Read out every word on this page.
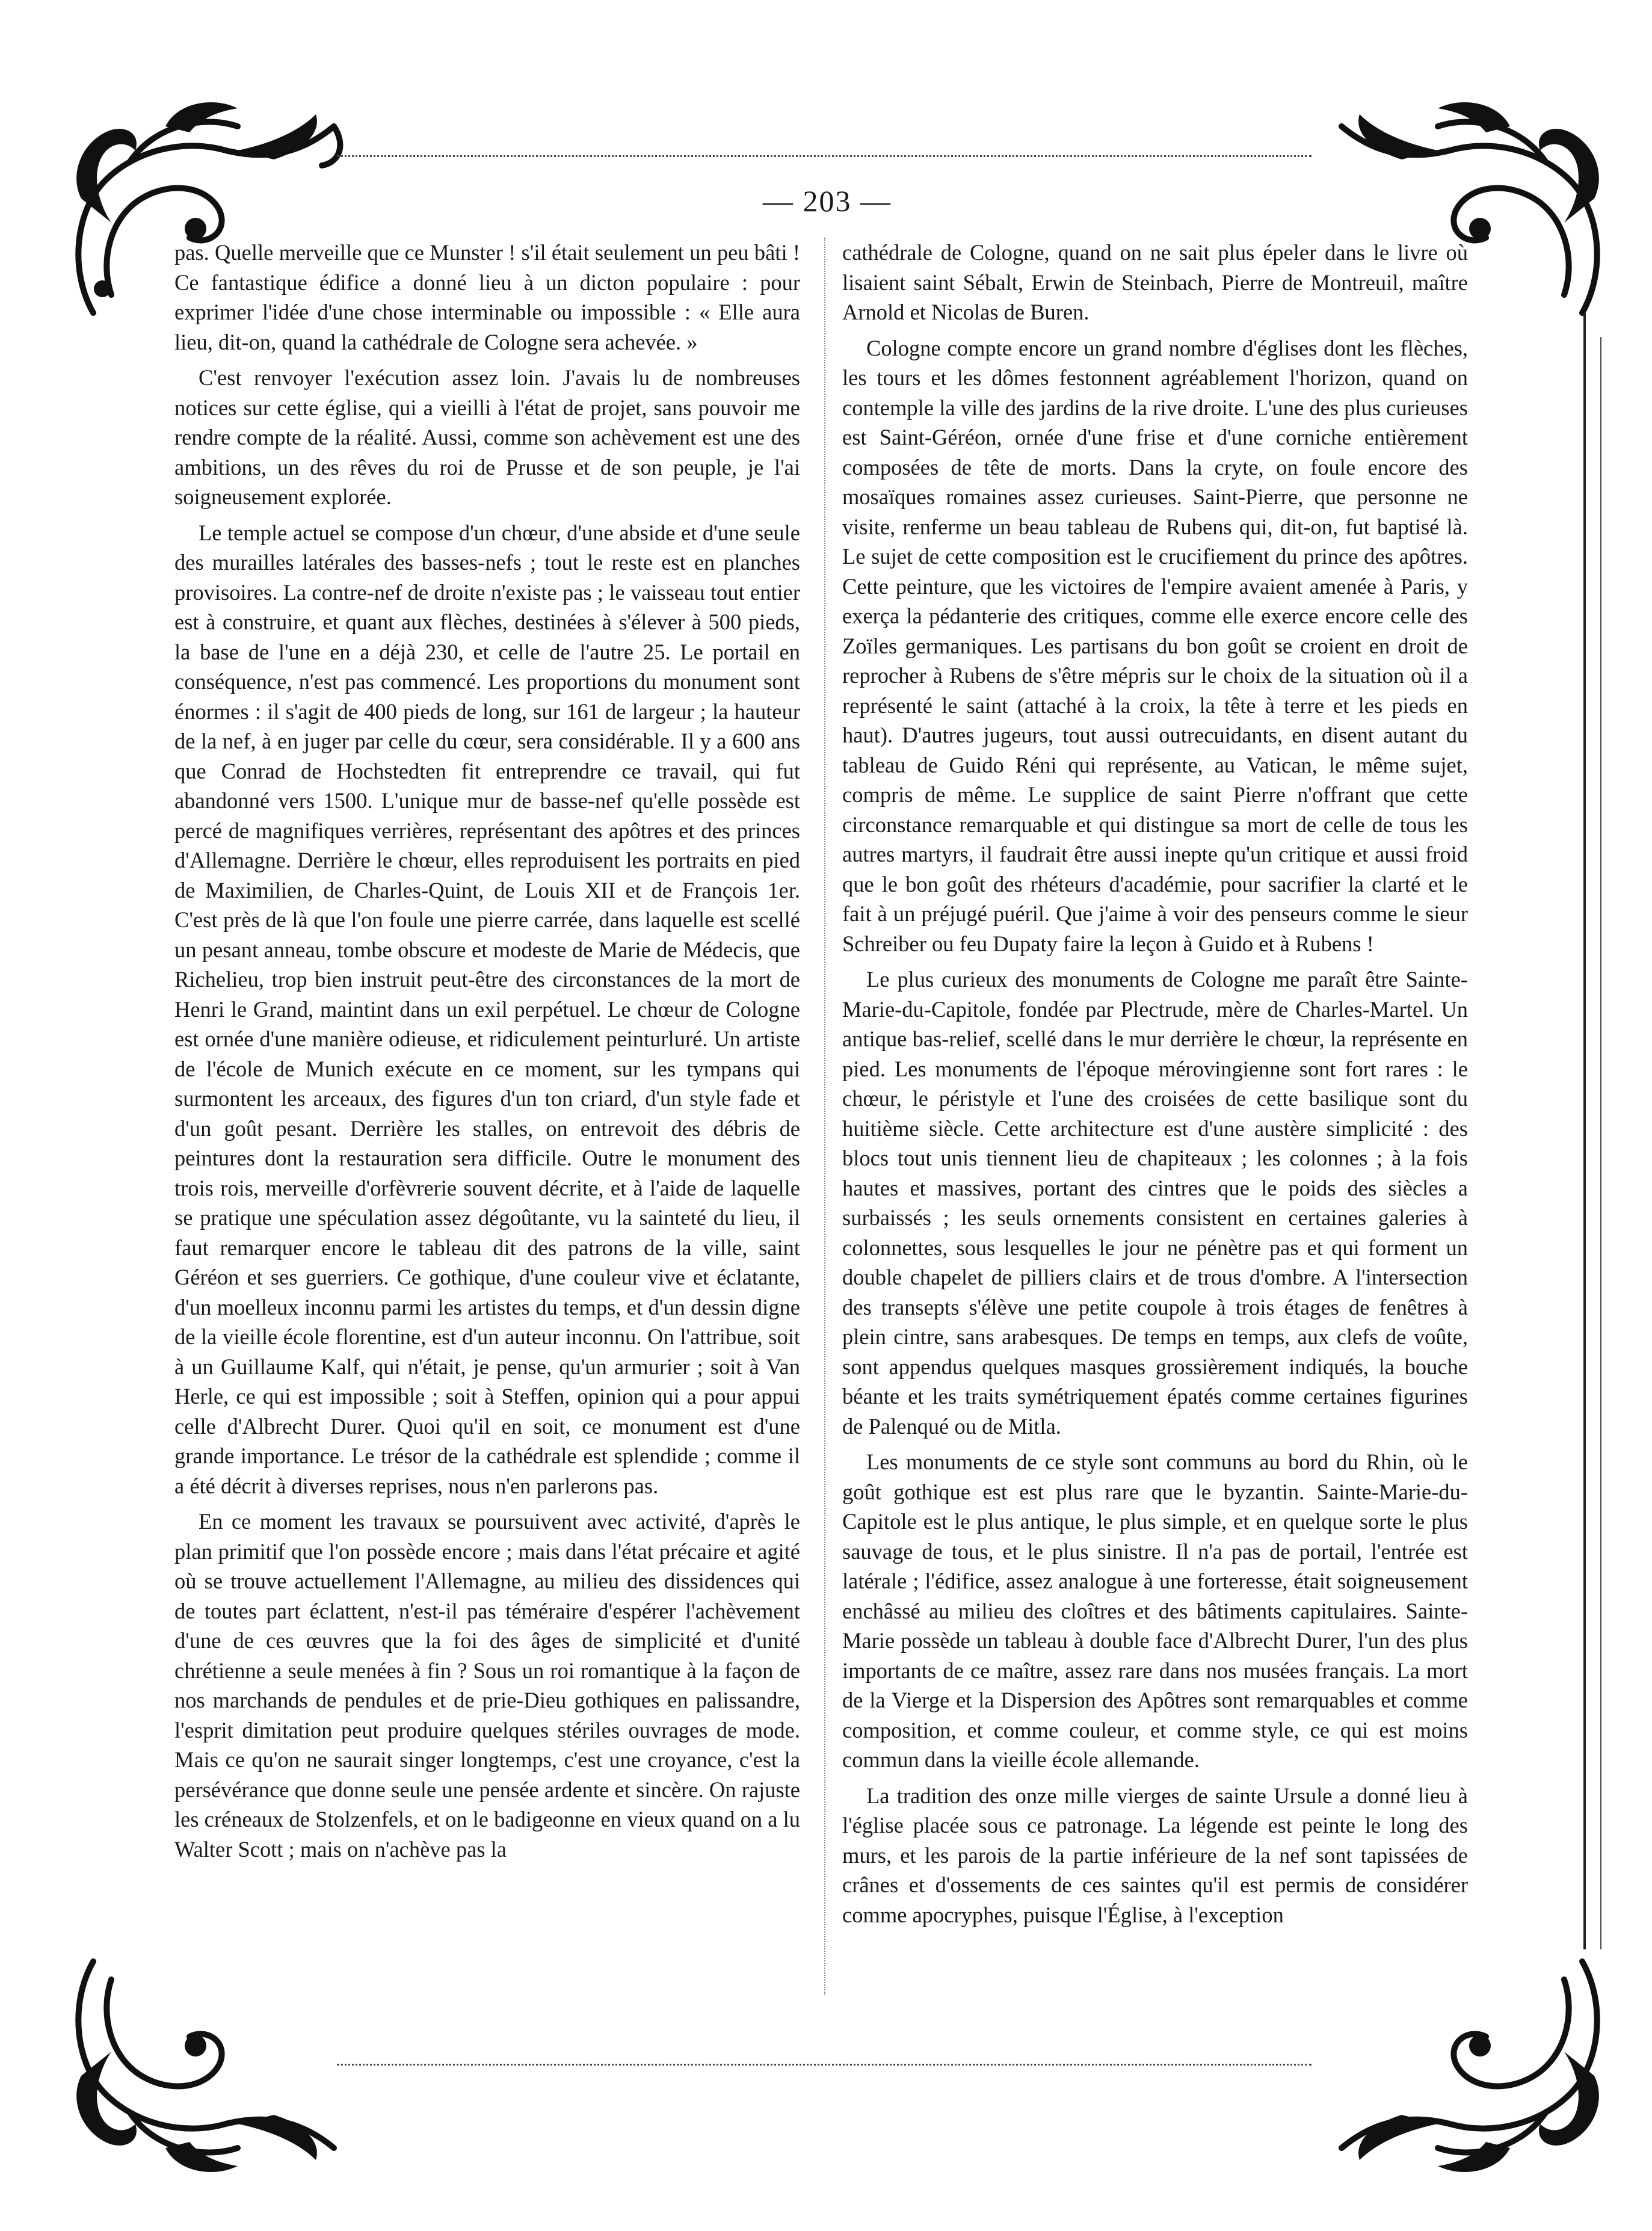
— 203 —

pas. Quelle merveille que ce Munster ! s'il était seulement un peu bâti ! Ce fantastique édifice a donné lieu à un dicton populaire : pour exprimer l'idée d'une chose interminable ou impossible : « Elle aura lieu, dit-on, quand la cathédrale de Cologne sera achevée. »

C'est renvoyer l'exécution assez loin. J'avais lu de nombreuses notices sur cette église, qui a vieilli à l'état de projet, sans pouvoir me rendre compte de la réalité. Aussi, comme son achèvement est une des ambitions, un des rêves du roi de Prusse et de son peuple, je l'ai soigneusement explorée.

Le temple actuel se compose d'un chœur, d'une abside et d'une seule des murailles latérales des basses-nefs ; tout le reste est en planches provisoires. La contre-nef de droite n'existe pas ; le vaisseau tout entier est à construire, et quant aux flèches, destinées à s'élever à 500 pieds, la base de l'une en a déjà 230, et celle de l'autre 25. Le portail en conséquence, n'est pas commencé. Les proportions du monument sont énormes : il s'agit de 400 pieds de long, sur 161 de largeur ; la hauteur de la nef, à en juger par celle du cœur, sera considérable. Il y a 600 ans que Conrad de Hochstedten fit entreprendre ce travail, qui fut abandonné vers 1500. L'unique mur de basse-nef qu'elle possède est percé de magnifiques verrières, représentant des apôtres et des princes d'Allemagne. Derrière le chœur, elles reproduisent les portraits en pied de Maximilien, de Charles-Quint, de Louis XII et de François 1er. C'est près de là que l'on foule une pierre carrée, dans laquelle est scellé un pesant anneau, tombe obscure et modeste de Marie de Médecis, que Richelieu, trop bien instruit peut-être des circonstances de la mort de Henri le Grand, maintint dans un exil perpétuel. Le chœur de Cologne est ornée d'une manière odieuse, et ridiculement peinturluré. Un artiste de l'école de Munich exécute en ce moment, sur les tympans qui surmontent les arceaux, des figures d'un ton criard, d'un style fade et d'un goût pesant. Derrière les stalles, on entrevoit des débris de peintures dont la restauration sera difficile. Outre le monument des trois rois, merveille d'orfèvrerie souvent décrite, et à l'aide de laquelle se pratique une spéculation assez dégoûtante, vu la sainteté du lieu, il faut remarquer encore le tableau dit des patrons de la ville, saint Géréon et ses guerriers. Ce gothique, d'une couleur vive et éclatante, d'un moelleux inconnu parmi les artistes du temps, et d'un dessin digne de la vieille école florentine, est d'un auteur inconnu. On l'attribue, soit à un Guillaume Kalf, qui n'était, je pense, qu'un armurier ; soit à Van Herle, ce qui est impossible ; soit à Steffen, opinion qui a pour appui celle d'Albrecht Durer. Quoi qu'il en soit, ce monument est d'une grande importance. Le trésor de la cathédrale est splendide ; comme il a été décrit à diverses reprises, nous n'en parlerons pas.

En ce moment les travaux se poursuivent avec activité, d'après le plan primitif que l'on possède encore ; mais dans l'état précaire et agité où se trouve actuellement l'Allemagne, au milieu des dissidences qui de toutes part éclattent, n'est-il pas téméraire d'espérer l'achèvement d'une de ces œuvres que la foi des âges de simplicité et d'unité chrétienne a seule menées à fin ? Sous un roi romantique à la façon de nos marchands de pendules et de prie-Dieu gothiques en palissandre, l'esprit dimitation peut produire quelques stériles ouvrages de mode. Mais ce qu'on ne saurait singer longtemps, c'est une croyance, c'est la persévérance que donne seule une pensée ardente et sincère. On rajuste les créneaux de Stolzenfels, et on le badigeonne en vieux quand on a lu Walter Scott ; mais on n'achève pas la

cathédrale de Cologne, quand on ne sait plus épeler dans le livre où lisaient saint Sébalt, Erwin de Steinbach, Pierre de Montreuil, maître Arnold et Nicolas de Buren.

Cologne compte encore un grand nombre d'églises dont les flèches, les tours et les dômes festonnent agréablement l'horizon, quand on contemple la ville des jardins de la rive droite. L'une des plus curieuses est Saint-Géréon, ornée d'une frise et d'une corniche entièrement composées de tête de morts. Dans la cryte, on foule encore des mosaïques romaines assez curieuses. Saint-Pierre, que personne ne visite, renferme un beau tableau de Rubens qui, dit-on, fut baptisé là. Le sujet de cette composition est le crucifiement du prince des apôtres. Cette peinture, que les victoires de l'empire avaient amenée à Paris, y exerça la pédanterie des critiques, comme elle exerce encore celle des Zoïles germaniques. Les partisans du bon goût se croient en droit de reprocher à Rubens de s'être mépris sur le choix de la situation où il a représenté le saint (attaché à la croix, la tête à terre et les pieds en haut). D'autres jugeurs, tout aussi outrecuidants, en disent autant du tableau de Guido Réni qui représente, au Vatican, le même sujet, compris de même. Le supplice de saint Pierre n'offrant que cette circonstance remarquable et qui distingue sa mort de celle de tous les autres martyrs, il faudrait être aussi inepte qu'un critique et aussi froid que le bon goût des rhéteurs d'académie, pour sacrifier la clarté et le fait à un préjugé puéril. Que j'aime à voir des penseurs comme le sieur Schreiber ou feu Dupaty faire la leçon à Guido et à Rubens !

Le plus curieux des monuments de Cologne me paraît être Sainte-Marie-du-Capitole, fondée par Plectrude, mère de Charles-Martel. Un antique bas-relief, scellé dans le mur derrière le chœur, la représente en pied. Les monuments de l'époque mérovingienne sont fort rares : le chœur, le péristyle et l'une des croisées de cette basilique sont du huitième siècle. Cette architecture est d'une austère simplicité : des blocs tout unis tiennent lieu de chapiteaux ; les colonnes ; à la fois hautes et massives, portant des cintres que le poids des siècles a surbaissés ; les seuls ornements consistent en certaines galeries à colonnettes, sous lesquelles le jour ne pénètre pas et qui forment un double chapelet de pilliers clairs et de trous d'ombre. A l'intersection des transepts s'élève une petite coupole à trois étages de fenêtres à plein cintre, sans arabesques. De temps en temps, aux clefs de voûte, sont appendus quelques masques grossièrement indiqués, la bouche béante et les traits symétriquement épatés comme certaines figurines de Palenqué ou de Mitla.

Les monuments de ce style sont communs au bord du Rhin, où le goût gothique est est plus rare que le byzantin. Sainte-Marie-du-Capitole est le plus antique, le plus simple, et en quelque sorte le plus sauvage de tous, et le plus sinistre. Il n'a pas de portail, l'entrée est latérale ; l'édifice, assez analogue à une forteresse, était soigneusement enchâssé au milieu des cloîtres et des bâtiments capitulaires. Sainte-Marie possède un tableau à double face d'Albrecht Durer, l'un des plus importants de ce maître, assez rare dans nos musées français. La mort de la Vierge et la Dispersion des Apôtres sont remarquables et comme composition, et comme couleur, et comme style, ce qui est moins commun dans la vieille école allemande.

La tradition des onze mille vierges de sainte Ursule a donné lieu à l'église placée sous ce patronage. La légende est peinte le long des murs, et les parois de la partie inférieure de la nef sont tapissées de crânes et d'ossements de ces saintes qu'il est permis de considérer comme apocryphes, puisque l'Église, à l'exception
